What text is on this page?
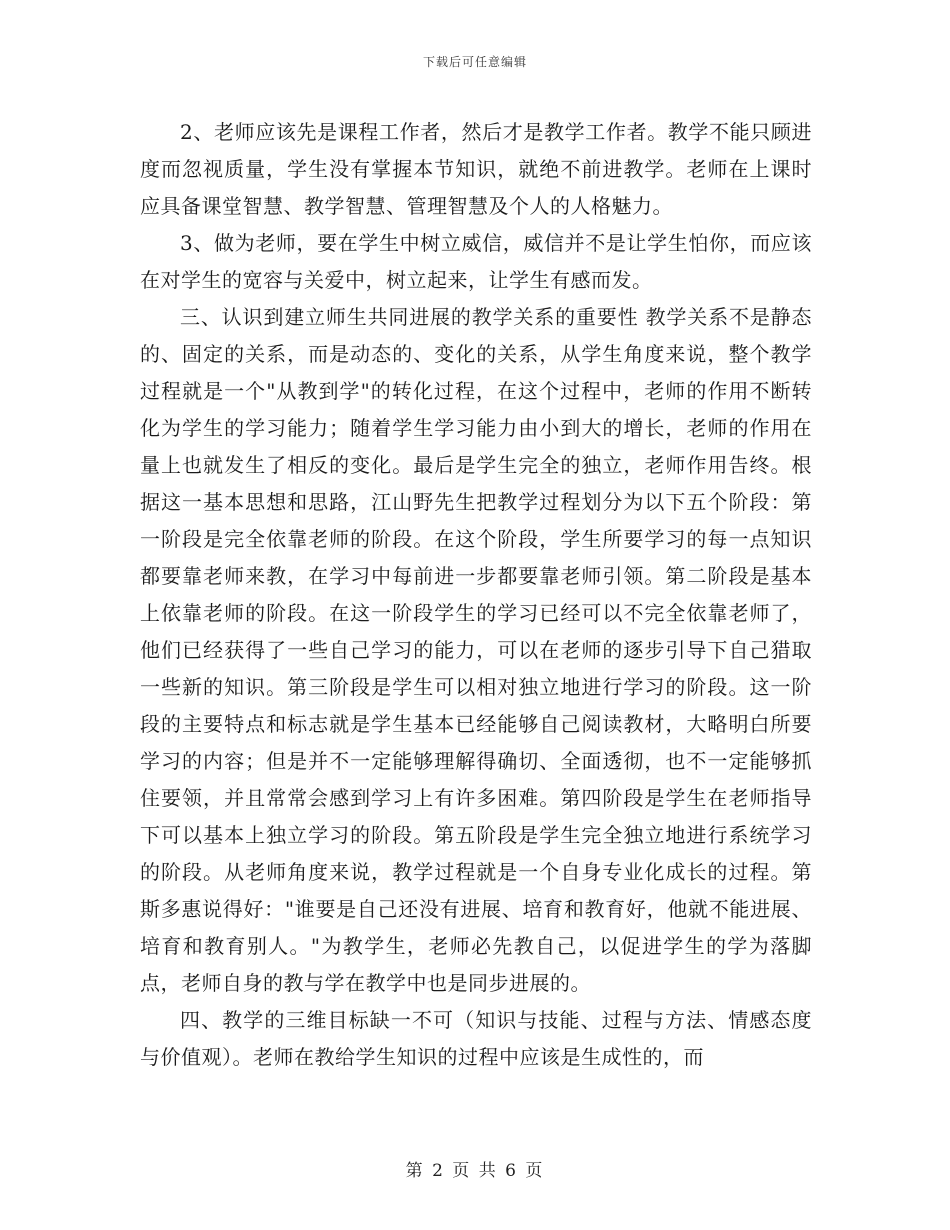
下载后可任意编辑

2、老师应该先是课程工作者，然后才是教学工作者。教学不能只顾进度而忽视质量，学生没有掌握本节知识，就绝不前进教学。老师在上课时应具备课堂智慧、教学智慧、管理智慧及个人的人格魅力。

3、做为老师，要在学生中树立威信，威信并不是让学生怕你，而应该在对学生的宽容与关爱中，树立起来，让学生有感而发。

三、认识到建立师生共同进展的教学关系的重要性 教学关系不是静态的、固定的关系，而是动态的、变化的关系，从学生角度来说，整个教学过程就是一个"从教到学"的转化过程，在这个过程中，老师的作用不断转化为学生的学习能力；随着学生学习能力由小到大的增长，老师的作用在量上也就发生了相反的变化。最后是学生完全的独立，老师作用告终。根据这一基本思想和思路，江山野先生把教学过程划分为以下五个阶段：第一阶段是完全依靠老师的阶段。在这个阶段，学生所要学习的每一点知识都要靠老师来教，在学习中每前进一步都要靠老师引领。第二阶段是基本上依靠老师的阶段。在这一阶段学生的学习已经可以不完全依靠老师了，他们已经获得了一些自己学习的能力，可以在老师的逐步引导下自己猎取一些新的知识。第三阶段是学生可以相对独立地进行学习的阶段。这一阶段的主要特点和标志就是学生基本已经能够自己阅读教材，大略明白所要学习的内容；但是并不一定能够理解得确切、全面透彻，也不一定能够抓住要领，并且常常会感到学习上有许多困难。第四阶段是学生在老师指导下可以基本上独立学习的阶段。第五阶段是学生完全独立地进行系统学习的阶段。从老师角度来说，教学过程就是一个自身专业化成长的过程。第斯多惠说得好："谁要是自己还没有进展、培育和教育好，他就不能进展、培育和教育别人。"为教学生，老师必先教自己，以促进学生的学为落脚点，老师自身的教与学在教学中也是同步进展的。

四、教学的三维目标缺一不可（知识与技能、过程与方法、情感态度与价值观）。老师在教给学生知识的过程中应该是生成性的，而

第 2 页 共 6 页
